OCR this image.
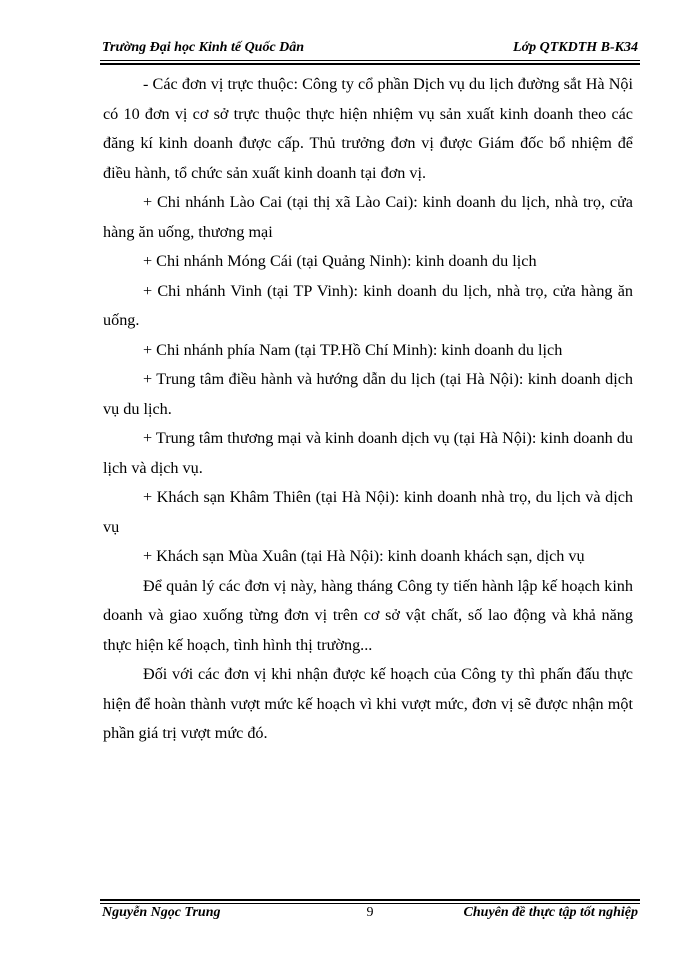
Trường Đại học Kinh tế Quốc Dân	Lớp QTKDTH B-K34

- Các đơn vị trực thuộc: Công ty cổ phần Dịch vụ du lịch đường sắt Hà Nội có 10 đơn vị cơ sở trực thuộc thực hiện nhiệm vụ sản xuất kinh doanh theo các đăng kí kinh doanh được cấp. Thủ trưởng đơn vị được Giám đốc bổ nhiệm để điều hành, tổ chức sản xuất kinh doanh tại đơn vị.

+ Chi nhánh Lào Cai (tại thị xã Lào Cai): kinh doanh du lịch, nhà trọ, cửa hàng ăn uống, thương mại

+ Chi nhánh Móng Cái (tại Quảng Ninh): kinh doanh du lịch

+ Chi nhánh Vinh (tại TP Vinh): kinh doanh du lịch, nhà trọ, cửa hàng ăn uống.

+ Chi nhánh phía Nam (tại TP.Hồ Chí Minh): kinh doanh du lịch

+ Trung tâm điều hành và hướng dẫn du lịch (tại Hà Nội): kinh doanh dịch vụ du lịch.

+ Trung tâm thương mại và kinh doanh dịch vụ (tại Hà Nội): kinh doanh du lịch và dịch vụ.

+ Khách sạn Khâm Thiên (tại Hà Nội): kinh doanh nhà trọ, du lịch và dịch vụ

+ Khách sạn Mùa Xuân (tại Hà Nội): kinh doanh khách sạn, dịch vụ

Để quản lý các đơn vị này, hàng tháng Công ty tiến hành lập kế hoạch kinh doanh và giao xuống từng đơn vị trên cơ sở vật chất, số lao động và khả năng thực hiện kế hoạch, tình hình thị trường...

Đối với các đơn vị khi nhận được kế hoạch của Công ty thì phấn đấu thực hiện để hoàn thành vượt mức kế hoạch vì khi vượt mức, đơn vị sẽ được nhận một phần giá trị vượt mức đó.

Nguyễn Ngọc Trung	9	Chuyên đề thực tập tốt nghiệp
